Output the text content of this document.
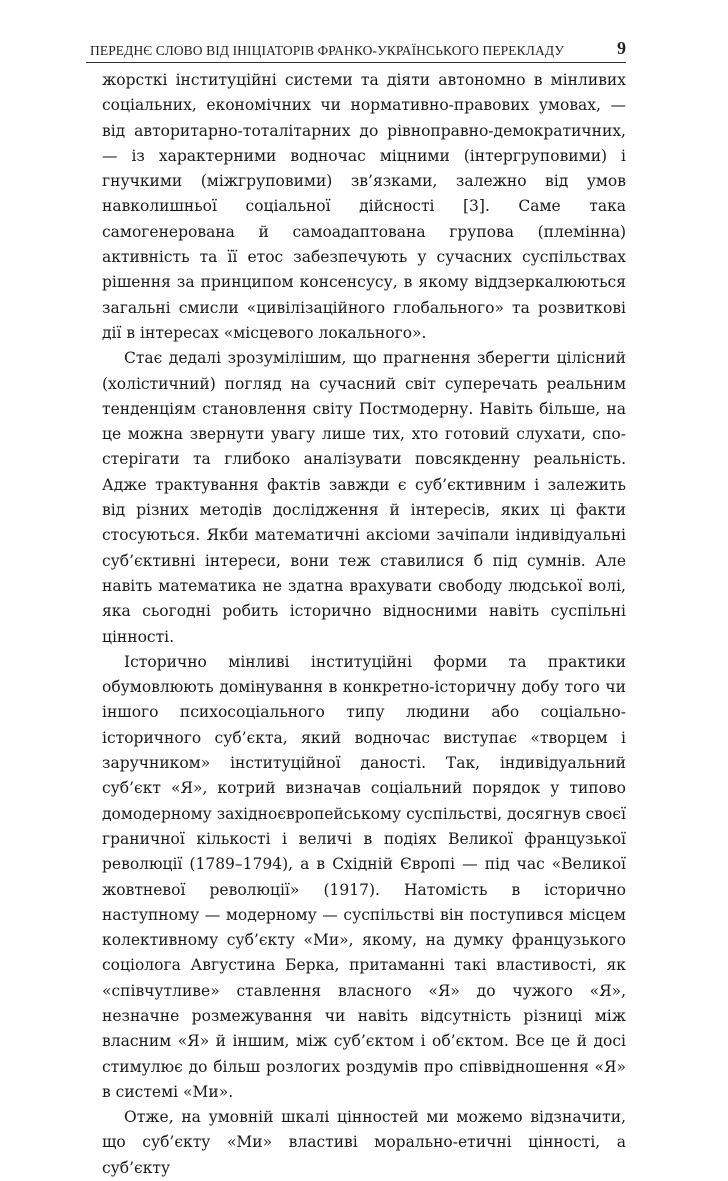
ПЕРЕДНЄ СЛОВО ВІД ІНІЦІАТОРІВ ФРАНКО-УКРАЇНСЬКОГО ПЕРЕКЛАДУ	9

жорсткі інституційні системи та діяти автономно в мінливих соціальних, економічних чи нормативно-правових умовах, — від авторитарно-тоталітарних до рівноправно-демократичних, — із характерними водночас міцними (інтергруповими) і гнучкими (міжгруповими) зв’язками, залежно від умов навколишньої соціальної дійсності [3]. Саме така самогенерована й самоадаптована групова (племінна) активність та її етос забезпечують у сучасних суспільствах рішення за принципом консенсусу, в якому віддзеркалюються загальні смисли «цивілізаційного глобального» та розвиткові дії в інтересах «місцевого локального».

Стає дедалі зрозумілішим, що прагнення зберегти цілісний (холістичний) погляд на сучасний світ суперечать реальним тенденціям становлення світу Постмодерну. Навіть більше, на це можна звернути увагу лише тих, хто готовий слухати, спостерігати та глибоко аналізувати повсякденну реальність. Адже трактування фактів завжди є суб’єктивним і залежить від різних методів дослідження й інтересів, яких ці факти стосуються. Якби математичні аксіоми зачіпали індивідуальні суб’єктивні інтереси, вони теж ставилися б під сумнів. Але навіть математика не здатна врахувати свободу людської волі, яка сьогодні робить історично відносними навіть суспільні цінності.

Історично мінливі інституційні форми та практики обумовлюють домінування в конкретно-історичну добу того чи іншого психосоціального типу людини або соціально-історичного суб’єкта, який водночас виступає «творцем і заручником» інституційної даності. Так, індивідуальний суб’єкт «Я», котрий визначав соціальний порядок у типово домодерному західноєвропейському суспільстві, досягнув своєї граничної кількості і величі в подіях Великої французької революції (1789–1794), а в Східній Європі — під час «Великої жовтневої революції» (1917). Натомість в історично наступному — модерному — суспільстві він поступився місцем колективному суб’єкту «Ми», якому, на думку французького соціолога Августина Берка, притаманні такі властивості, як «співчутливе» ставлення власного «Я» до чужого «Я», незначне розмежування чи навіть відсутність різниці між власним «Я» й іншим, між суб’єктом і об’єктом. Все це й досі стимулює до більш розлогих роздумів про співвідношення «Я» в системі «Ми».

Отже, на умовній шкалі цінностей ми можемо відзначити, що суб’єкту «Ми» властиві морально-етичні цінності, а суб’єкту
